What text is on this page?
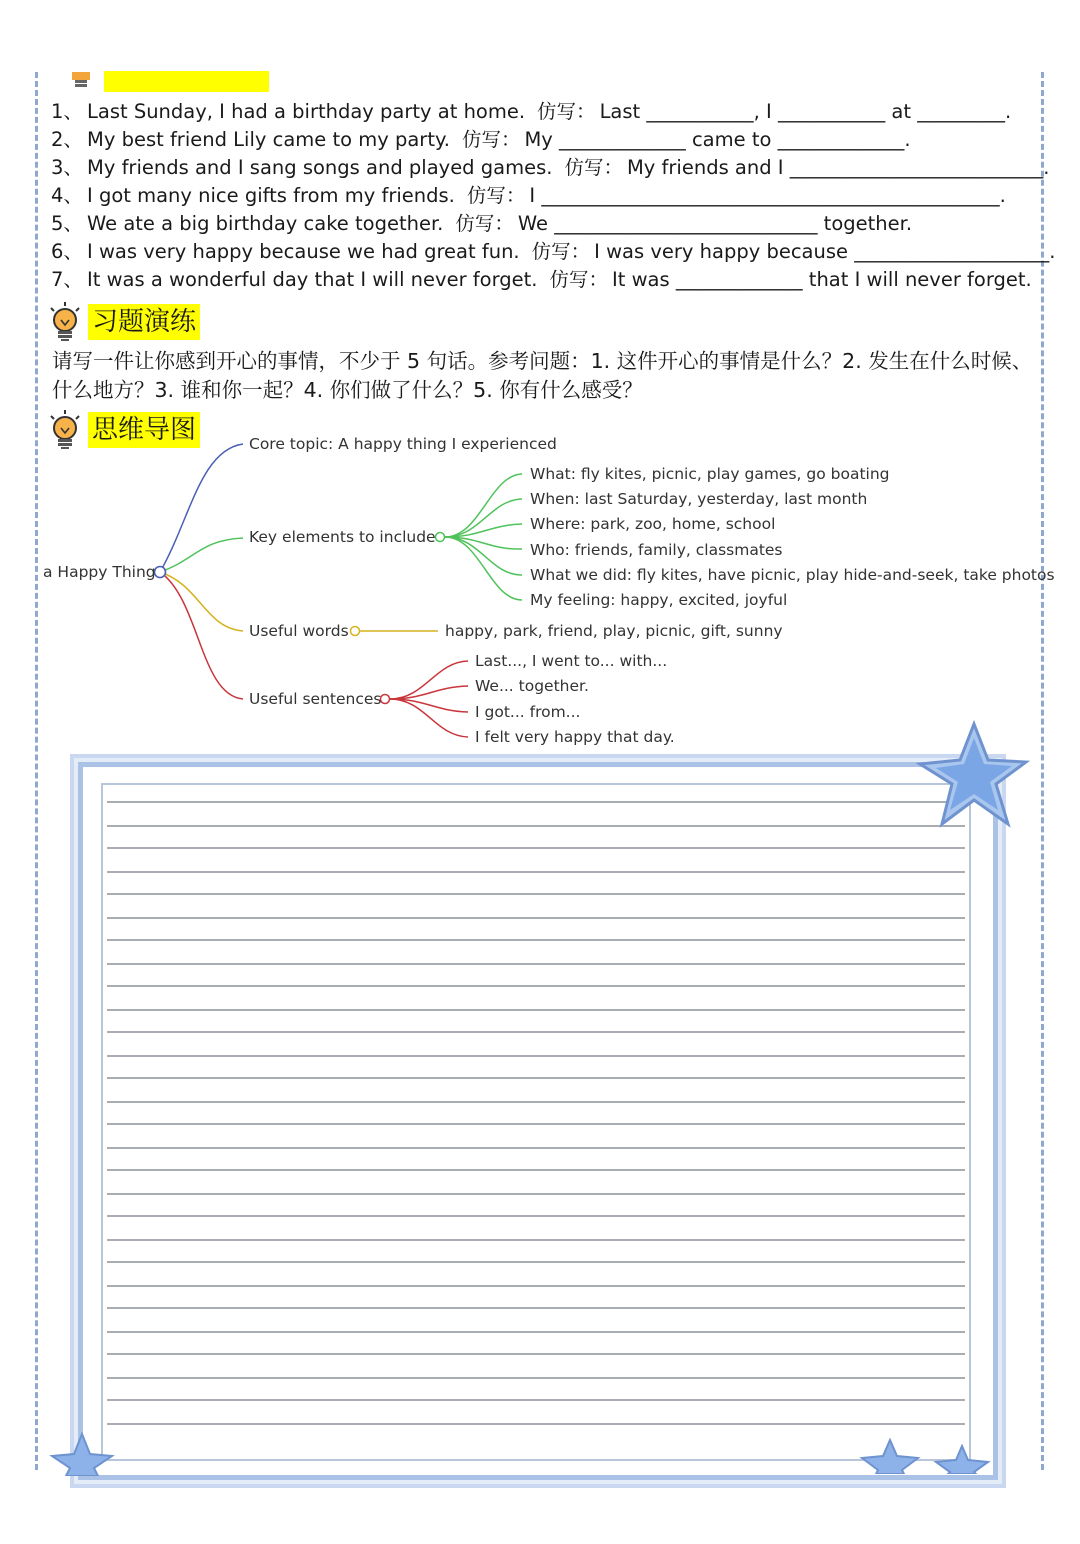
1、 Last Sunday, I had a birthday party at home. 仿写： Last ___________, I ___________ at _________.
2、 My best friend Lily came to my party. 仿写： My _____________ came to _____________.
3、 My friends and I sang songs and played games. 仿写： My friends and I __________________________.
4、 I got many nice gifts from my friends. 仿写： I _______________________________________________.
5、 We ate a big birthday cake together. 仿写： We ___________________________ together.
6、 I was very happy because we had great fun. 仿写： I was very happy because ____________________.
7、 It was a wonderful day that I will never forget. 仿写： It was _____________ that I will never forget.
习题演练
请写一件让你感到开心的事情，不少于 5 句话。参考问题：1. 这件开心的事情是什么？2. 发生在什么时候、什么地方？3. 谁和你一起？4. 你们做了什么？5. 你有什么感受？
思维导图
a Happy Thing
Core topic: A happy thing I experienced
Key elements to include
Useful words
Useful sentences
What: fly kites, picnic, play games, go boating
When: last Saturday, yesterday, last month
Where: park, zoo, home, school
Who: friends, family, classmates
What we did: fly kites, have picnic, play hide-and-seek, take photos
My feeling: happy, excited, joyful
happy, park, friend, play, picnic, gift, sunny
Last..., I went to... with...
We... together.
I got... from...
I felt very happy that day.
